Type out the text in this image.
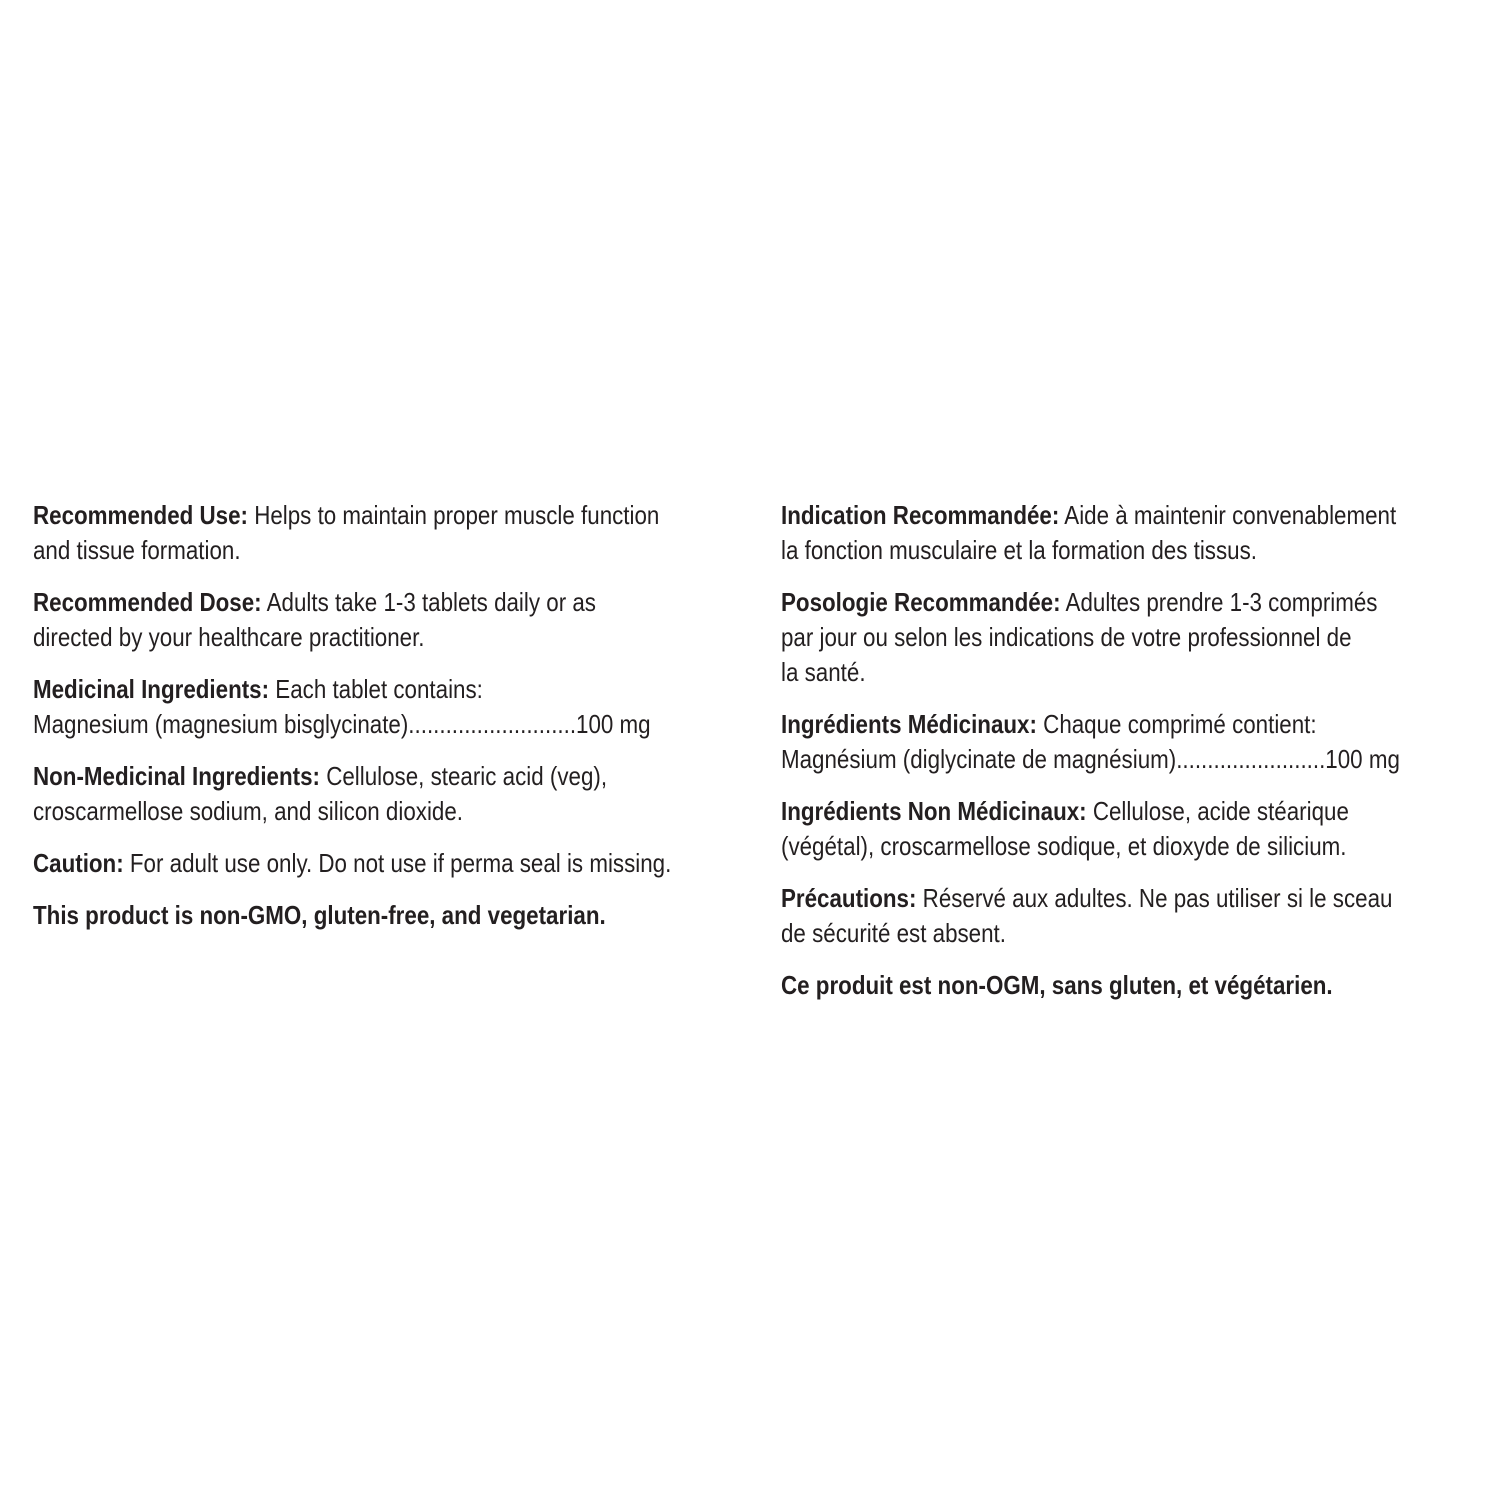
Recommended Use: Helps to maintain proper muscle function
and tissue formation.

Recommended Dose: Adults take 1-3 tablets daily or as
directed by your healthcare practitioner.

Medicinal Ingredients: Each tablet contains:
Magnesium (magnesium bisglycinate)...........................100 mg

Non-Medicinal Ingredients: Cellulose, stearic acid (veg),
croscarmellose sodium, and silicon dioxide.

Caution: For adult use only. Do not use if perma seal is missing.

This product is non-GMO, gluten-free, and vegetarian.

Indication Recommandée: Aide à maintenir convenablement
la fonction musculaire et la formation des tissus.

Posologie Recommandée: Adultes prendre 1-3 comprimés
par jour ou selon les indications de votre professionnel de
la santé.

Ingrédients Médicinaux: Chaque comprimé contient:
Magnésium (diglycinate de magnésium)........................100 mg

Ingrédients Non Médicinaux: Cellulose, acide stéarique
(végétal), croscarmellose sodique, et dioxyde de silicium.

Précautions: Réservé aux adultes. Ne pas utiliser si le sceau
de sécurité est absent.

Ce produit est non-OGM, sans gluten, et végétarien.
